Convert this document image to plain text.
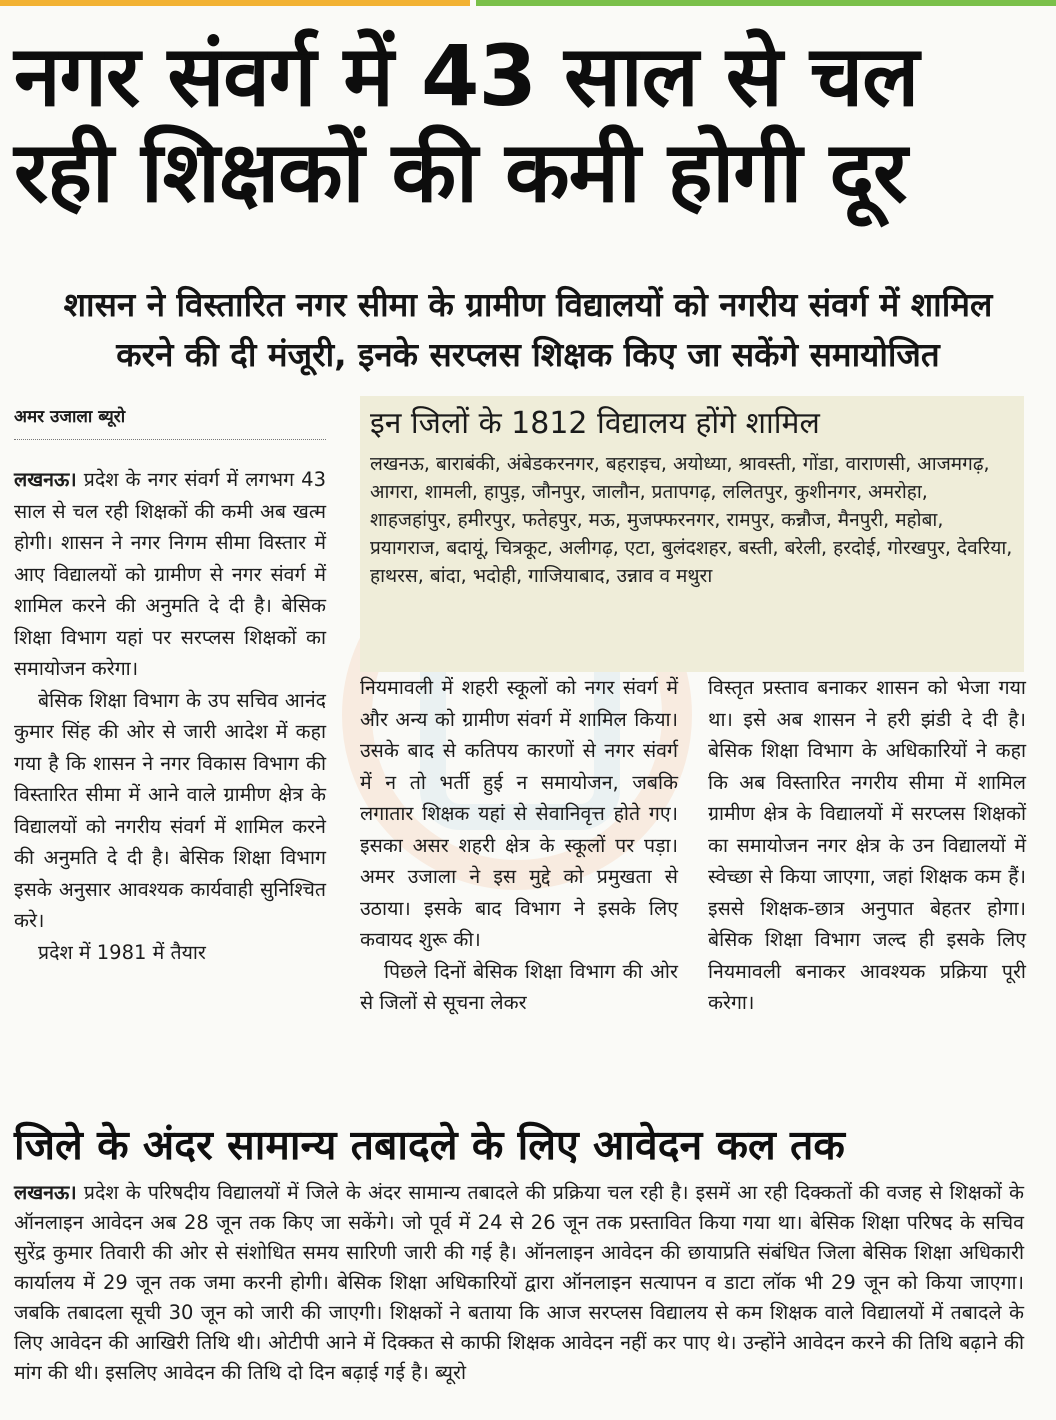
नगर संवर्ग में 43 साल से चल
रही शिक्षकों की कमी होगी दूर
शासन ने विस्तारित नगर सीमा के ग्रामीण विद्यालयों को नगरीय संवर्ग में शामिल
करने की दी मंजूरी, इनके सरप्लस शिक्षक किए जा सकेंगे समायोजित
अमर उजाला ब्यूरो	इन जिलों के 1812 विद्यालय होंगे शामिल
लखनऊ, बाराबंकी, अंबेडकरनगर, बहराइच, अयोध्या, श्रावस्ती, गोंडा, वाराणसी, आजमगढ़, आगरा, शामली, हापुड़, जौनपुर, जालौन, प्रतापगढ़, ललितपुर, कुशीनगर, अमरोहा, शाहजहांपुर, हमीरपुर, फतेहपुर, मऊ, मुजफ्फरनगर, रामपुर, कन्नौज, मैनपुरी, महोबा, प्रयागराज, बदायूं, चित्रकूट, अलीगढ़, एटा, बुलंदशहर, बस्ती, बरेली, हरदोई, गोरखपुर, देवरिया, हाथरस, बांदा, भदोही, गाजियाबाद, उन्नाव व मथुरा

लखनऊ। प्रदेश के नगर संवर्ग में लगभग 43 साल से चल रही शिक्षकों की कमी अब खत्म होगी। शासन ने नगर निगम सीमा विस्तार में आए विद्यालयों को ग्रामीण से नगर संवर्ग में शामिल करने की अनुमति दे दी है। बेसिक शिक्षा विभाग यहां पर सरप्लस शिक्षकों का समायोजन करेगा।

बेसिक शिक्षा विभाग के उप सचिव आनंद कुमार सिंह की ओर से जारी आदेश में कहा गया है कि शासन ने नगर विकास विभाग की विस्तारित सीमा में आने वाले ग्रामीण क्षेत्र के विद्यालयों को नगरीय संवर्ग में शामिल करने की अनुमति दे दी है। बेसिक शिक्षा विभाग इसके अनुसार आवश्यक कार्यवाही सुनिश्चित करे।

प्रदेश में 1981 में तैयार

नियमावली में शहरी स्कूलों को नगर संवर्ग में और अन्य को ग्रामीण संवर्ग में शामिल किया। उसके बाद से कतिपय कारणों से नगर संवर्ग में न तो भर्ती हुई न समायोजन, जबकि लगातार शिक्षक यहां से सेवानिवृत्त होते गए। इसका असर शहरी क्षेत्र के स्कूलों पर पड़ा। अमर उजाला ने इस मुद्दे को प्रमुखता से उठाया। इसके बाद विभाग ने इसके लिए कवायद शुरू की।

पिछले दिनों बेसिक शिक्षा विभाग की ओर से जिलों से सूचना लेकर

विस्तृत प्रस्ताव बनाकर शासन को भेजा गया था। इसे अब शासन ने हरी झंडी दे दी है। बेसिक शिक्षा विभाग के अधिकारियों ने कहा कि अब विस्तारित नगरीय सीमा में शामिल ग्रामीण क्षेत्र के विद्यालयों में सरप्लस शिक्षकों का समायोजन नगर क्षेत्र के उन विद्यालयों में स्वेच्छा से किया जाएगा, जहां शिक्षक कम हैं। इससे शिक्षक-छात्र अनुपात बेहतर होगा। बेसिक शिक्षा विभाग जल्द ही इसके लिए नियमावली बनाकर आवश्यक प्रक्रिया पूरी करेगा।

जिले के अंदर सामान्य तबादले के लिए आवेदन कल तक

लखनऊ। प्रदेश के परिषदीय विद्यालयों में जिले के अंदर सामान्य तबादले की प्रक्रिया चल रही है। इसमें आ रही दिक्कतों की वजह से शिक्षकों के ऑनलाइन आवेदन अब 28 जून तक किए जा सकेंगे। जो पूर्व में 24 से 26 जून तक प्रस्तावित किया गया था। बेसिक शिक्षा परिषद के सचिव सुरेंद्र कुमार तिवारी की ओर से संशोधित समय सारिणी जारी की गई है। ऑनलाइन आवेदन की छायाप्रति संबंधित जिला बेसिक शिक्षा अधिकारी कार्यालय में 29 जून तक जमा करनी होगी। बेसिक शिक्षा अधिकारियों द्वारा ऑनलाइन सत्यापन व डाटा लॉक भी 29 जून को किया जाएगा। जबकि तबादला सूची 30 जून को जारी की जाएगी। शिक्षकों ने बताया कि आज सरप्लस विद्यालय से कम शिक्षक वाले विद्यालयों में तबादले के लिए आवेदन की आखिरी तिथि थी। ओटीपी आने में दिक्कत से काफी शिक्षक आवेदन नहीं कर पाए थे। उन्होंने आवेदन करने की तिथि बढ़ाने की मांग की थी। इसलिए आवेदन की तिथि दो दिन बढ़ाई गई है। ब्यूरो
